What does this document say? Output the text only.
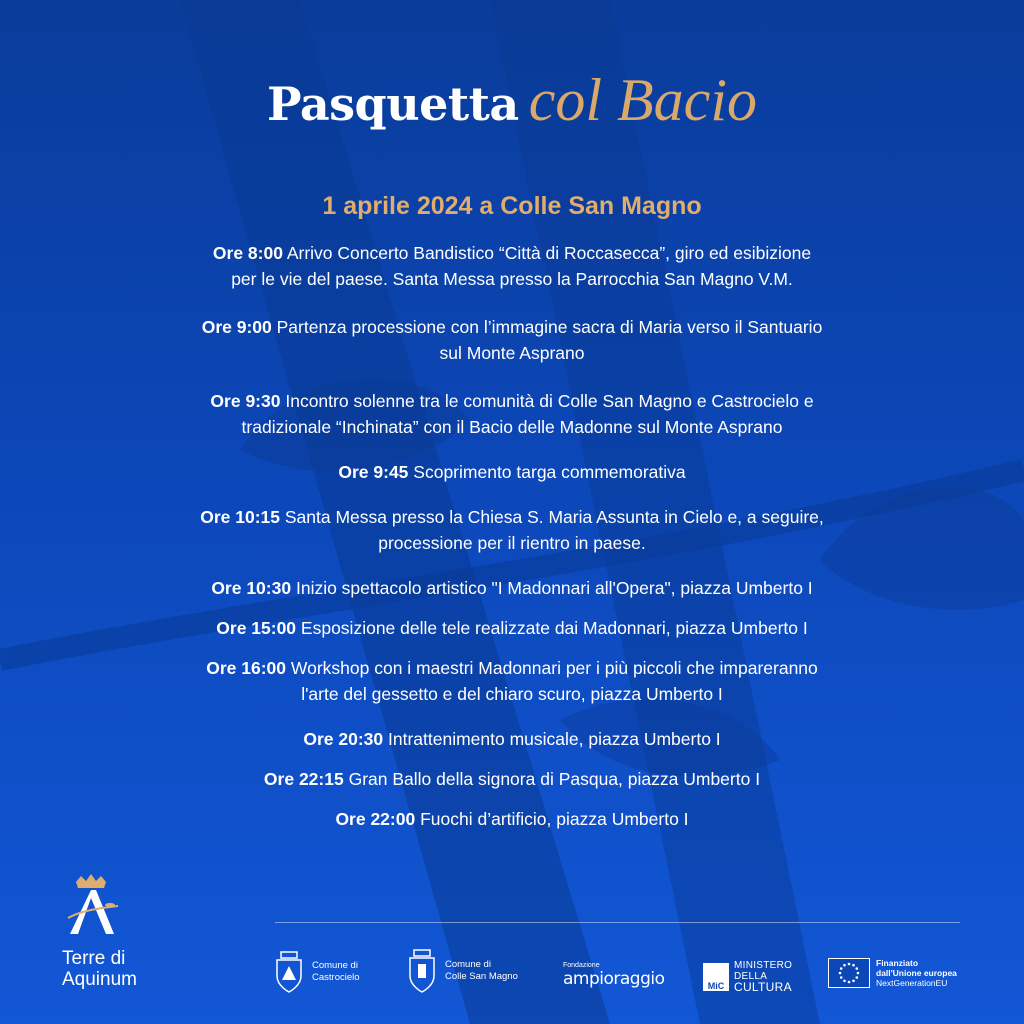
Pasquetta col Bacio
1 aprile 2024 a Colle San Magno
Ore 8:00 Arrivo Concerto Bandistico “Città di Roccasecca”, giro ed esibizione
per le vie del paese. Santa Messa presso la Parrocchia San Magno V.M.
Ore 9:00 Partenza processione con l’immagine sacra di Maria verso il Santuario
sul Monte Asprano
Ore 9:30 Incontro solenne tra le comunità di Colle San Magno e Castrocielo e
tradizionale “Inchinata” con il Bacio delle Madonne sul Monte Asprano
Ore 9:45 Scoprimento targa commemorativa
Ore 10:15 Santa Messa presso la Chiesa S. Maria Assunta in Cielo e, a seguire,
processione per il rientro in paese.
Ore 10:30 Inizio spettacolo artistico "I Madonnari all'Opera", piazza Umberto I
Ore 15:00 Esposizione delle tele realizzate dai Madonnari, piazza Umberto I
Ore 16:00 Workshop con i maestri Madonnari per i più piccoli che impareranno
l'arte del gessetto e del chiaro scuro, piazza Umberto I
Ore 20:30 Intrattenimento musicale, piazza Umberto I
Ore 22:15 Gran Ballo della signora di Pasqua, piazza Umberto I
Ore 22:00 Fuochi d’artificio, piazza Umberto I
Terre di
Aquinum
Comune di
Castrocielo
Comune di
Colle San Magno
Fondazione
ampioraggio	MiC
MINISTERO
DELLA
CULTURA
Finanziato
dall'Unione europea
NextGenerationEU
